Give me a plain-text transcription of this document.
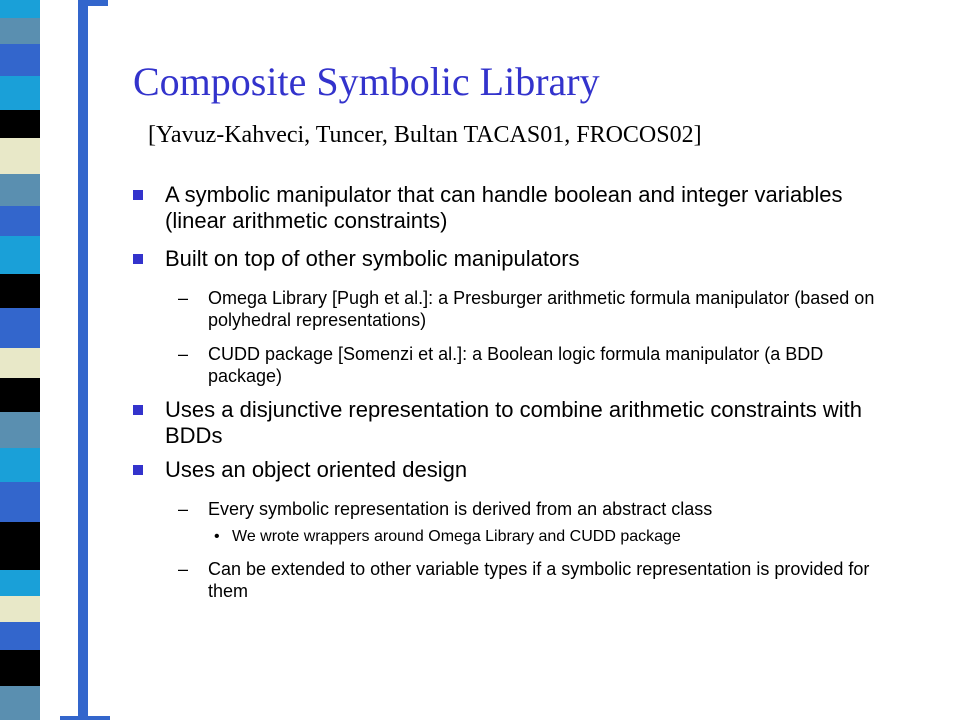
Composite Symbolic Library
[Yavuz-Kahveci, Tuncer, Bultan TACAS01, FROCOS02]
A symbolic manipulator that can handle boolean and integer variables (linear arithmetic constraints)
Built on top of other symbolic manipulators
– Omega Library [Pugh et al.]: a Presburger arithmetic formula manipulator (based on polyhedral representations)
– CUDD package [Somenzi et al.]: a Boolean logic formula manipulator (a BDD package)
Uses a disjunctive representation to combine arithmetic constraints with BDDs
Uses an object oriented design
– Every symbolic representation is derived from an abstract class
• We wrote wrappers around Omega Library and CUDD package
– Can be extended to other variable types if a symbolic representation is provided for them
